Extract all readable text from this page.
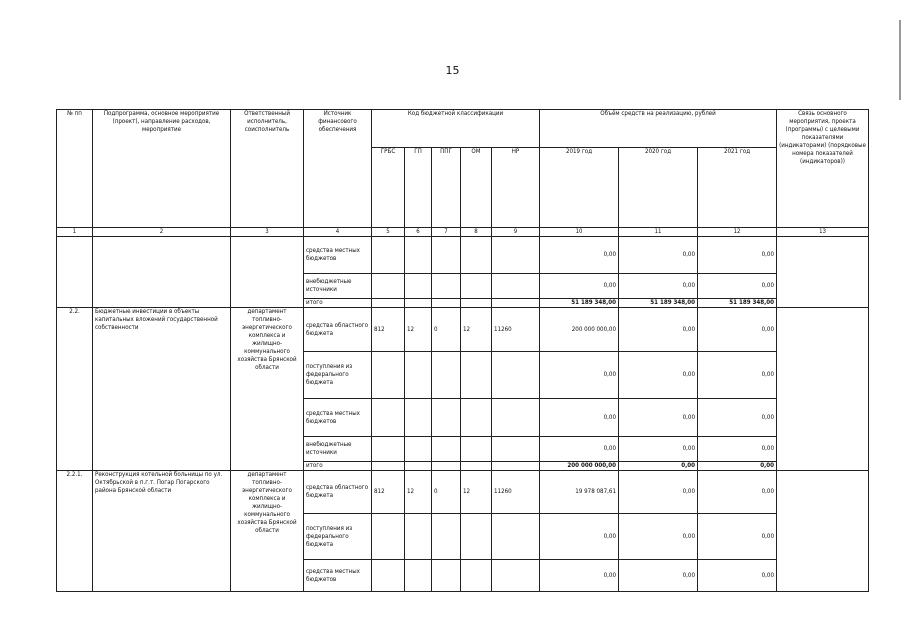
15
№ пп	Подпрограмма, основное мероприятие (проект), направление расходов, мероприятие	Ответственный исполнитель, соисполнитель	Источник финансового обеспечения	Код бюджетной классификации					Объём средств на реализацию, рублей			Связь основного мероприятия, проекта (программы) с целевыми показателями (индикаторами) (порядковые номера показателей (индикаторов))
				ГРБС	ГП	ППГ	ОМ	НР	2019 год	2020 год	2021 год	
1	2	3	4	5	6	7	8	9	10	11	12	13
			средства местных бюджетов						0,00	0,00	0,00	
			внебюджетные источники						0,00	0,00	0,00	
			итого						51 189 348,00	51 189 348,00	51 189 348,00	
2.2.	Бюджетные инвестиции в объекты капитальных вложений государственной собственности	департамент топливно-энергетического комплекса и жилищно-коммунального хозяйства Брянской области	средства областного бюджета	812	12	0	12	11260	200 000 000,00	0,00	0,00	
			поступления из федерального бюджета						0,00	0,00	0,00	
			средства местных бюджетов						0,00	0,00	0,00	
			внебюджетные источники						0,00	0,00	0,00	
			итого						200 000 000,00	0,00	0,00	
2.2.1.	Реконструкция котельной больницы по ул. Октябрьской в п.г.т. Погар Погарского района Брянской области	департамент топливно-энергетического комплекса и жилищно-коммунального хозяйства Брянской области	средства областного бюджета	812	12	0	12	11260	19 978 087,61	0,00	0,00	
			поступления из федерального бюджета						0,00	0,00	0,00	
			средства местных бюджетов						0,00	0,00	0,00	
